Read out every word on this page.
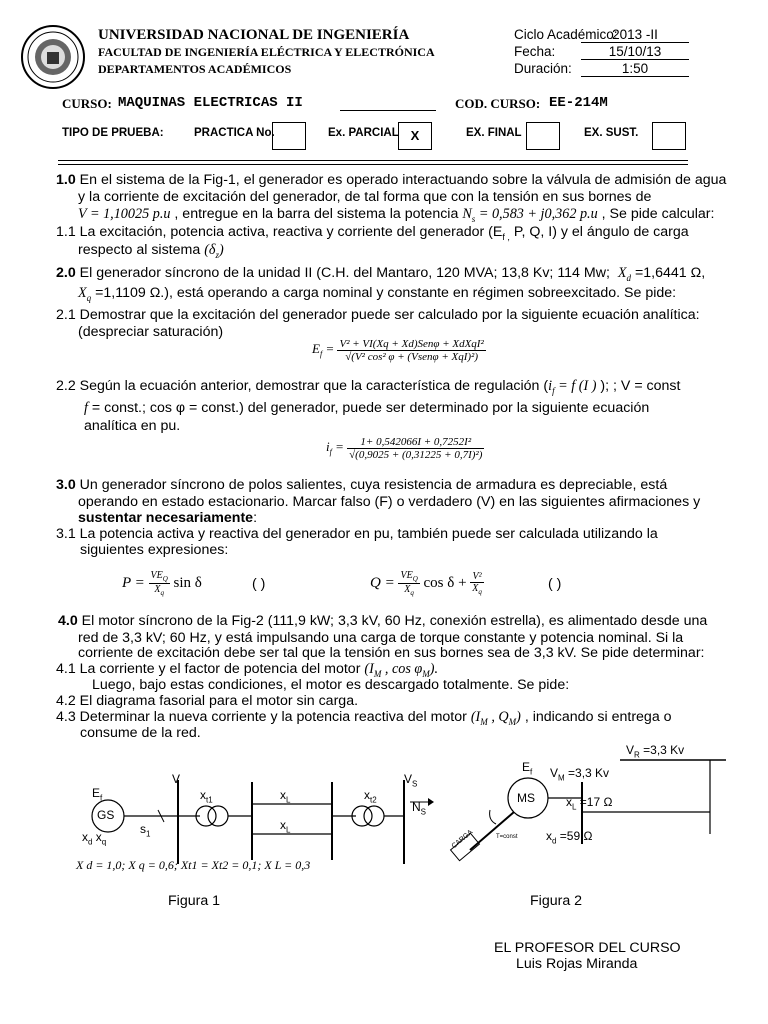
UNIVERSIDAD NACIONAL DE INGENIERÍA
FACULTAD DE INGENIERÍA ELÉCTRICA Y ELECTRÓNICA
DEPARTAMENTOS ACADÉMICOS
Ciclo Académico:
2013 -II
Fecha:	15/10/13
Duración:	1:50
CURSO: MAQUINAS ELECTRICAS II	COD. CURSO: EE-214M
TIPO DE PRUEBA:	PRACTICA No.	Ex. PARCIAL X	EX. FINAL	EX. SUST.
1.0 En el sistema de la Fig-1, el generador es operado interactuando sobre la válvula de admisión de agua
y la corriente de excitación del generador, de tal forma que con la tensión en sus bornes de
V = 1,10025 p.u , entregue en la barra del sistema la potencia $N_s = 0,583 + j0,362$ p.u , Se pide calcular:
1.1 La excitación, potencia activa, reactiva y corriente del generador ($E_{f ,}$ P, Q, I) y el ángulo de carga
respecto al sistema $(\delta_z)$
2.0 El generador síncrono de la unidad II (C.H. del Mantaro, 120 MVA; 13,8 Kv; 114 Mw; $X_d =1,6441$ Ω,
$X_q =1,1109$ Ω.), está operando a carga nominal y constante en régimen sobreexcitado. Se pide:
2.1 Demostrar que la excitación del generador puede ser calculado por la siguiente ecuación analítica:
(despreciar saturación)
$E_f = \frac{\text{V² + VI(Xq + Xd)Senφ + XdXqI²}}{\text{√(V² cos² φ + (Vsenφ + XqI)²)}}$
2.2 Según la ecuación anterior, demostrar que la característica de regulación ($i_f = f$ (I ) ); ; V = const
f = const.; cos φ = const.) del generador, puede ser determinado por la siguiente ecuación
analítica en pu.
$i_f = \frac{\text{1+ 0,542066I + 0,7252I²}}{\text{√(0,9025 + (0,31225 + 0,7I)²)}}$
3.0 Un generador síncrono de polos salientes, cuya resistencia de armadura es depreciable, está
operando en estado estacionario. Marcar falso (F) o verdadero (V) en las siguientes afirmaciones y
sustentar necesariamente:
3.1 La potencia activa y reactiva del generador en pu, también puede ser calculada utilizando la
siguientes expresiones:
$P = \frac{VE_Q}{X_q}$ sin δ	( )	$Q = \frac{VE_Q}{X_q}$ $\cos \delta + \frac{\text{V²}}{X_q}$	( )
4.0 El motor síncrono de la Fig-2 (111,9 kW; 3,3 kV, 60 Hz, conexión estrella), es alimentado desde una
red de 3,3 kV; 60 Hz, y está impulsando una carga de torque constante y potencia nominal. Si la
corriente de excitación debe ser tal que la tensión en sus bornes sea de 3,3 kV. Se pide determinar:
4.1 La corriente y el factor de potencia del motor ($I_M$ , $\cos \varphi_M$).
Luego, bajo estas condiciones, el motor es descargado totalmente. Se pide:
4.2 El diagrama fasorial para el motor sin carga.
4.3 Determinar la nueva corriente y la potencia reactiva del motor ($I_M$ , $Q_M$) , indicando si entrega o
consume de la red.
$E_f$
GS
$x_d$ $x_q$
$s_1$
V
$x_{t1}$	$x_L$
$x_L$
$x_{t2}$
$V_S$
$N_S$
X d = 1,0; X q = 0,6; Xt1 = Xt2 = 0,1; X L = 0,3
Figura 1
$V_R =3,3$ Kv
$E_f$ $V_M =3,3$ Kv
MS	$x_L =17$ Ω
$x_d =59$ Ω
CARGA	T=const
Figura 2
EL PROFESOR DEL CURSO
Luis Rojas Miranda
